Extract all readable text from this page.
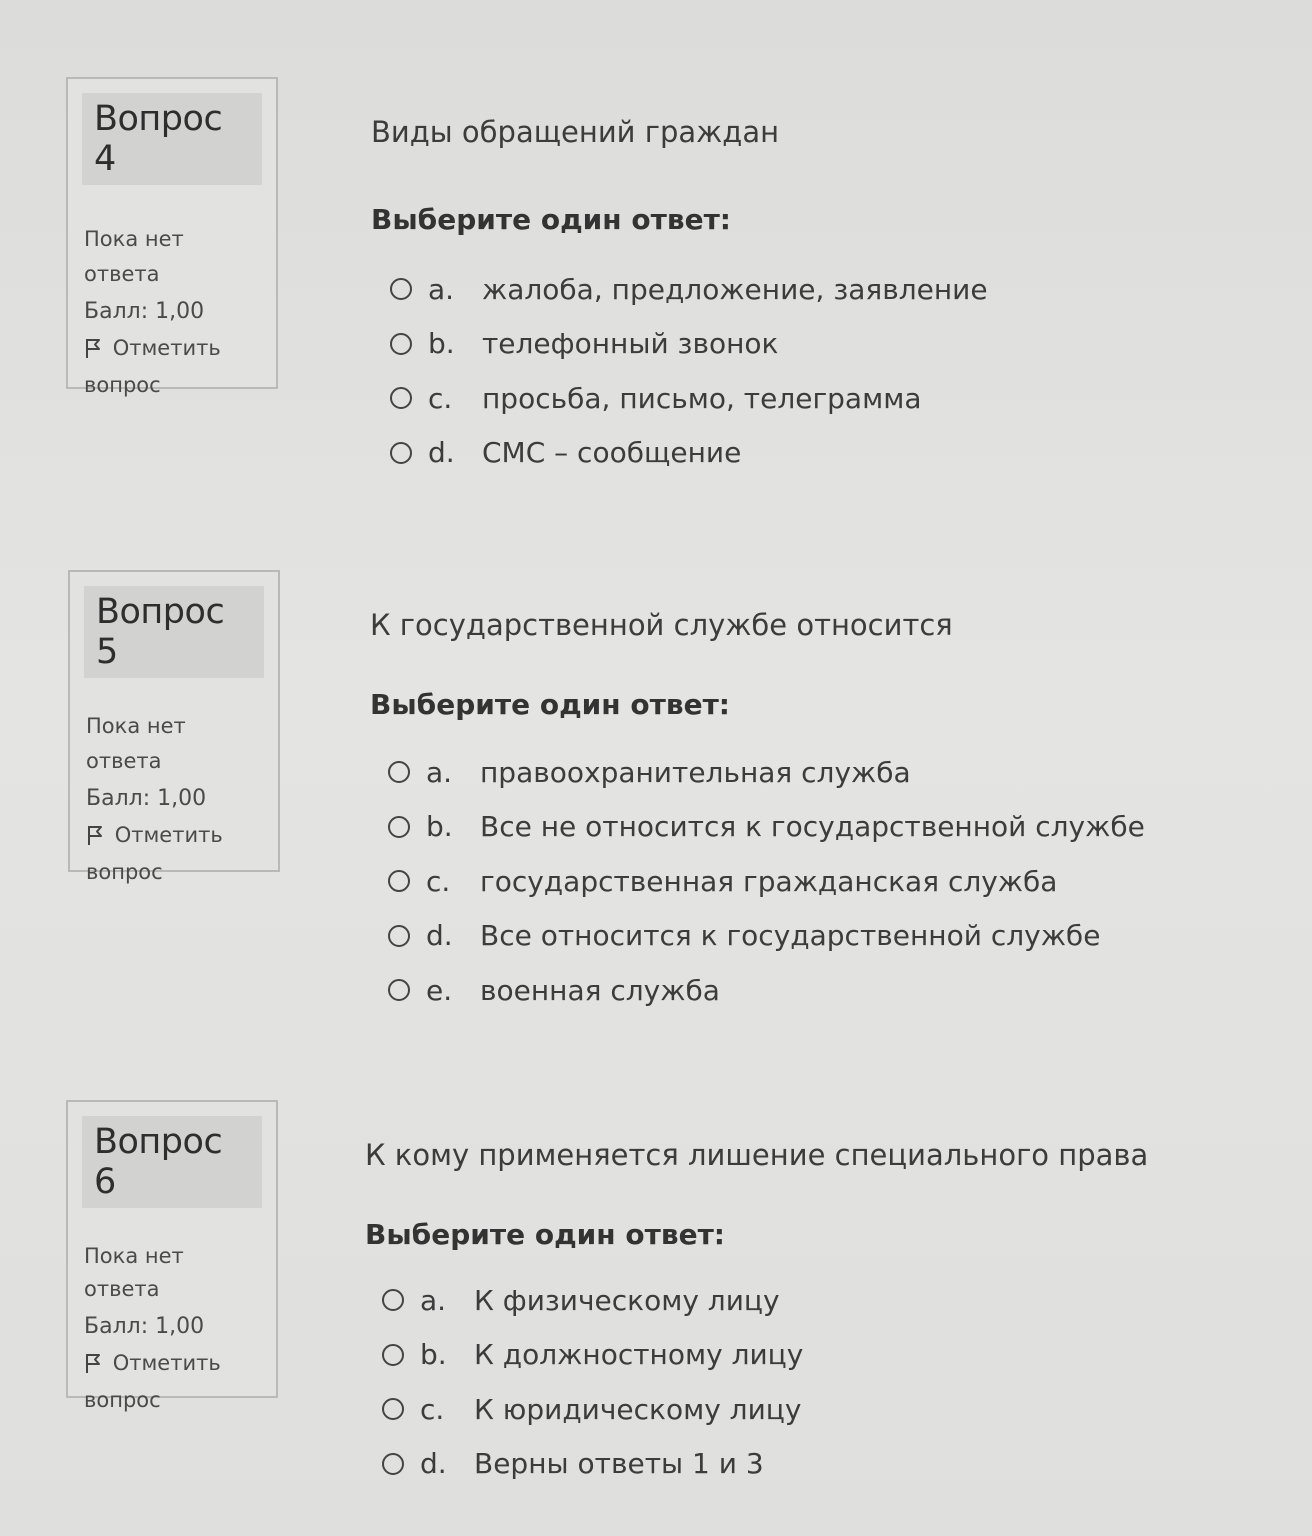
Вопрос 4
Пока нет
ответа
Балл: 1,00
Отметить
вопрос
Виды обращений граждан
Выберите один ответ:
a. жалоба, предложение, заявление
b. телефонный звонок
c.	просьба, письмо, телеграмма
d. СМС – сообщение
Вопрос 5
Пока нет
ответа
Балл: 1,00
Отметить
вопрос
К государственной службе относится
Выберите один ответ:
a. правоохранительная служба
b. Все не относится к государственной службе
c.	государственная гражданская служба
d. Все относится к государственной службе
e. военная служба
Вопрос 6
Пока нет
ответа
Балл: 1,00
Отметить
вопрос
К кому применяется лишение специального права
Выберите один ответ:
a. К физическому лицу
b. К должностному лицу
c.	К юридическому лицу
d. Верны ответы 1 и 3
